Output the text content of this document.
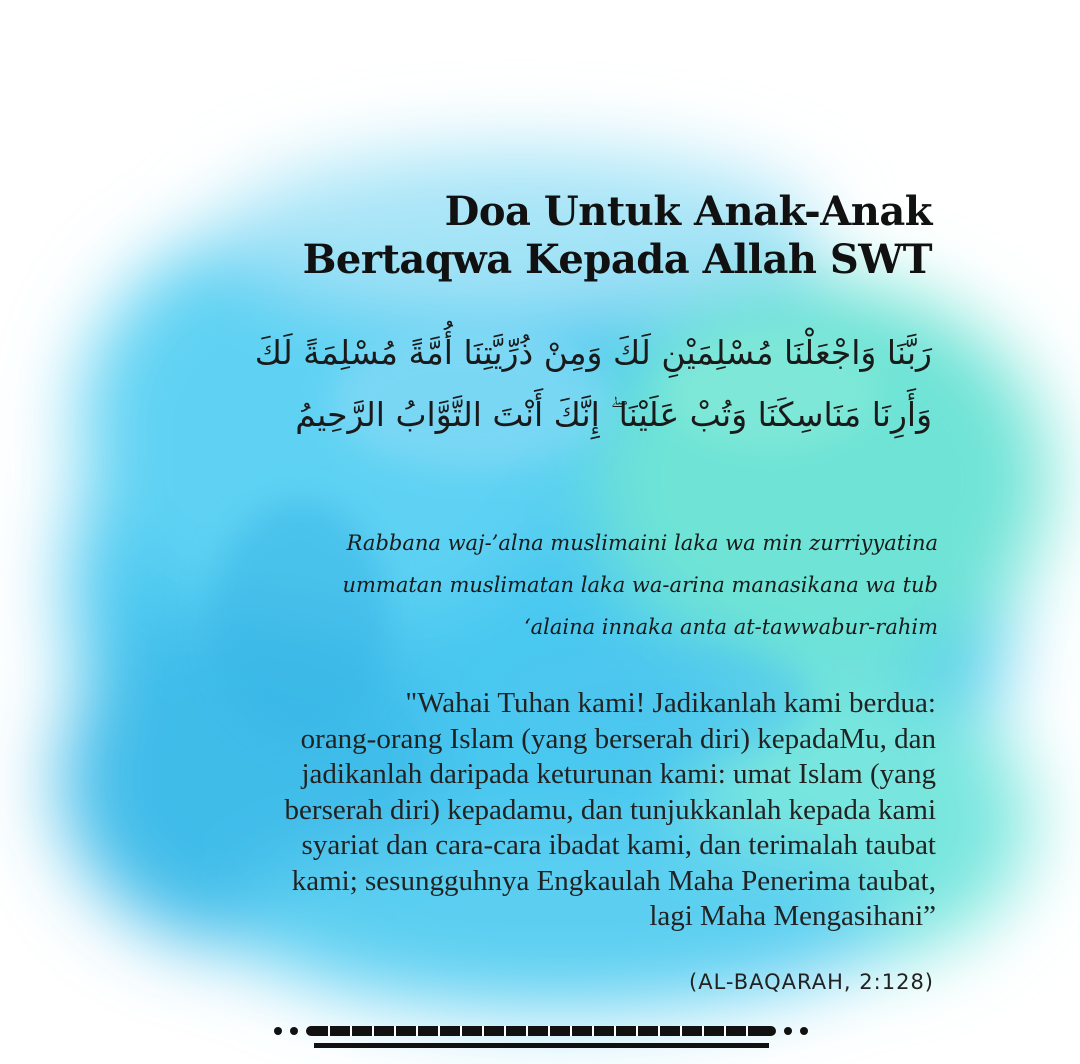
Doa Untuk Anak-Anak
Bertaqwa Kepada Allah SWT

رَبَّنَا وَاجْعَلْنَا مُسْلِمَيْنِ لَكَ وَمِنْ ذُرِّيَّتِنَا أُمَّةً مُسْلِمَةً لَكَ وَأَرِنَا مَنَاسِكَنَا وَتُبْ عَلَيْنَا ۖ إِنَّكَ أَنْتَ التَّوَّابُ الرَّحِيمُ

Rabbana waj-’alna muslimaini laka wa min zurriyyatina
ummatan muslimatan laka wa-arina manasikana wa tub
‘alaina innaka anta at-tawwabur-rahim

"Wahai Tuhan kami! Jadikanlah kami berdua:
orang-orang Islam (yang berserah diri) kepadaMu, dan
jadikanlah daripada keturunan kami: umat Islam (yang
berserah diri) kepadamu, dan tunjukkanlah kepada kami
syariat dan cara-cara ibadat kami, dan terimalah taubat
kami; sesungguhnya Engkaulah Maha Penerima taubat,
lagi Maha Mengasihani”

(AL-BAQARAH, 2:128)
